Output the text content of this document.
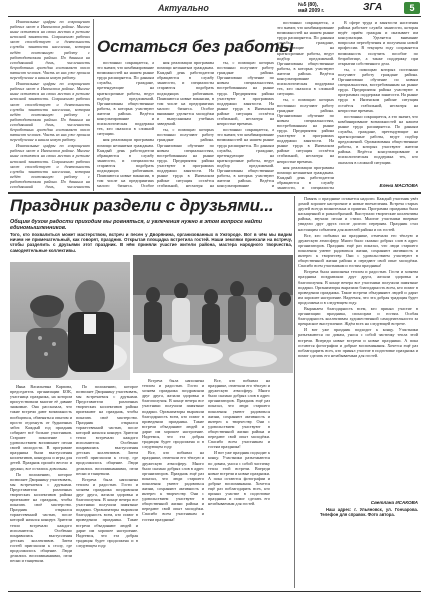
Актуально	№5 (80),
май 2009 г.	ЗГА	5

Изначальные цифры по сокращению рабочих мест в Инзенском районе. Многие ныне остаются на своих местах в режиме неполной занятости. Сохранению рабочих мест способствует и деятельность службы занятости населения, которая ведёт постоянную работу с работодателями района. По данным на сегодняшний день, численность безработных граждан составляет около пятисот человек. Часть из них уже прошла переобучение и нашла новую работу.

Изначальные цифры по сокращению рабочих мест в Инзенском районе. Многие ныне остаются на своих местах в режиме неполной занятости. Сохранению рабочих мест способствует и деятельность службы занятости населения, которая ведёт постоянную работу с работодателями района. По данным на сегодняшний день, численность безработных граждан составляет около пятисот человек. Часть из них уже прошла переобучение и нашла новую работу.

Изначальные цифры по сокращению рабочих мест в Инзенском районе. Многие ныне остаются на своих местах в режиме неполной занятости. Сохранению рабочих мест способствует и деятельность службы занятости населения, которая ведёт постоянную работу с работодателями района. По данным на сегодняшний день, численность

Остаться без работы

постоянно сокращается, а это значит, что комбинирование возможностей на нашем рынке труда расширяется. По данным службы, граждане, претендующие на краткосрочные работы, ведут подбор предложений. Организованы общественные работы, в которых участвуют жители района. Ведётся консультирование и психологическая поддержка тех, кто оказался в сложной ситуации.

ния реализации программы помощи незанятым гражданам. Каждый день работодатели обращаются в службу занятости, и специалисты стараются подобрать подходящих работников. Появляются новые вакансии, в том числе на предприятиях малого бизнеса. Особое

ния реализации программы помощи незанятым гражданам. Каждый день работодатели обращаются в службу занятости, и специалисты стараются подобрать подходящих работников. Появляются новые вакансии, в том числе на предприятиях малого бизнеса. Особое внимание уделяется молодёжи и выпускникам учебных заведений.

ты, с помощью которых постоянно получают работу граждане района. Организовано обучение по новым специальностям, востребованным на рынке труда. Предприятия района участвуют в программах поддержки занятости. На рынке труда в Инзенском районе ситуация остаётся стабильной, несмотря на

ты, с помощью которых постоянно получают работу граждане района. Организовано обучение по новым специальностям, востребованным на рынке труда. Предприятия района участвуют в программах поддержки занятости. На рынке труда в Инзенском районе ситуация остаётся стабильной, несмотря на непростые времена.

постоянно сокращается, а это значит, что комбинирование возможностей на нашем рынке труда расширяется. По данным службы, граждане, претендующие на краткосрочные работы, ведут подбор предложений. Организованы общественные работы, в которых участвуют жители района. Ведётся консультирование и

постоянно сокращается, а это значит, что комбинирование возможностей на нашем рынке труда расширяется. По данным службы, граждане, претендующие на краткосрочные работы, ведут подбор предложений. Организованы общественные работы, в которых участвуют жители района. Ведётся консультирование и психологическая поддержка тех, кто оказался в сложной ситуации.

ты, с помощью которых постоянно получают работу граждане района. Организовано обучение по новым специальностям, востребованным на рынке труда. Предприятия района участвуют в программах поддержки занятости. На рынке труда в Инзенском районе ситуация остаётся стабильной, несмотря на непростые времена.

ния реализации программы помощи незанятым гражданам. Каждый день работодатели обращаются в службу занятости, и специалисты

В сфере труда и занятости населения района работает служба занятости, которая ведёт приём граждан и оказывает им консультации. Уделяется внимание вопросам переобучения и получения новой профессии. В текущем году сохраняется возможность получить пособие по безработице, а также поддержку при открытии собственного дела.

ты, с помощью которых постоянно получают работу граждане района. Организовано обучение по новым специальностям, востребованным на рынке труда. Предприятия района участвуют в программах поддержки занятости. На рынке труда в Инзенском районе ситуация остаётся стабильной, несмотря на непростые времена.

постоянно сокращается, а это значит, что комбинирование возможностей на нашем рынке труда расширяется. По данным службы, граждане, претендующие на краткосрочные работы, ведут подбор предложений. Организованы общественные работы, в которых участвуют жители района. Ведётся консультирование и психологическая поддержка тех, кто оказался в сложной ситуации.

Елена МАСЛОВА
Праздник раздели с друзьями...
Общим духом радости приходим мы ровняться, и увлечения нужно в этом вопросе найти единомышленников.
Того, кто похвалиться может мастерством, встреч и песен у Дворянина, организованных в Ужгороде. Вот в чём мы видим ничем не примечательный, как говорят, праздник. Открытая площадка встретила гостей. Наши земляки приехали на встречу, чтобы разделить с друзьями этот праздник. В нём приняли участие жители района, мастера народного творчества, самодеятельные коллективы.

Память о празднике останется надолго. Каждый участник увёз домой хорошее настроение и новые впечатления. Встреча старых друзей всегда волнительна и приятна. Программа праздника была насыщенной и разнообразной. Выступали творческие коллективы района, звучали песни и стихи. Многие участники впервые увидели друг друга после долгого перерыва. Праздник стал настоящим событием для жителей района и их гостей.

Все, кто побывал на празднике, отмечали его тёплую и дружескую атмосферу. Много было сказано добрых слов в адрес организаторов. Праздник ещё раз показал, что люди старшего поколения умеют радоваться жизни, сохраняют активность и интерес к творчеству. Они с удовольствием участвуют в общественной жизни района и передают свой опыт молодёжи. Спасибо всем участникам и гостям праздника!

Встреча была наполнена теплом и радостью. Гости и хозяева праздника поздравляли друг друга, желали здоровья и благополучия. В конце вечера все участники получили памятные подарки. Организаторы выразили благодарность всем, кто помог в проведении праздника. Такие встречи объединяют людей и дарят им хорошее настроение. Надеемся, что эта добрая традиция будет продолжена и в следующем году.

Выражаем благодарность всем, кто принял участие в организации праздника, спонсорам и гостям. Особая благодарность коллективам художественной самодеятельности за прекрасное выступление. Ждём всех на следующей встрече.

И вот уже праздник подходит к концу. Участники разъезжаются по домам, унося с собой частичку тепла этой встречи. Впереди новые встречи и новые праздники. А пока остаются фотографии и добрые воспоминания. Хочется ещё раз поблагодарить всех, кто принял участие в подготовке праздника и помог сделать его незабываемым для гостей.

Светлана ИСАКОВА

Наш адрес: г. Ульяновск, ул. Гончарова. Телефон для справок. Фото автора.

Инна Васильевна Карпова, председатель организации БОК, участница праздника, на котором присутствовали многие её давние знакомые. Она рассказала, что такие встречи дают возможность пообщаться, обменяться опытом и просто отдохнуть от будничных забот. Каждый год праздник собирает всё больше участников. Старшее поколение с удовольствием вспоминает песни своей молодости. В программе праздника были выступления коллективов, конкурсы и игры для детей. Праздник прошёл весело и дружно, все остались довольны.

По положению, которое позволяет Дворянину участвовать, мы встречаемся с друзьями. Представители различных творческих коллективов района приезжают на праздник, чтобы показать своё мастерство. Праздник открылся торжественной частью, после которой начался концерт. Зрители тепло встречали каждого исполнителя. Особенно понравились выступления детских коллективов. Затем гостей пригласили к столу, где продолжилось общение. Люди делились воспоминаниями, пели песни и танцевали.

По положению, которое позволяет Дворянину участвовать, мы встречаемся с друзьями. Представители различных творческих коллективов района приезжают на праздник, чтобы показать своё мастерство. Праздник открылся торжественной частью, после которой начался концерт. Зрители тепло встречали каждого исполнителя. Особенно понравились выступления детских коллективов. Затем гостей пригласили к столу, где продолжилось общение. Люди делились воспоминаниями, пели песни и танцевали.

Встреча была наполнена теплом и радостью. Гости и хозяева праздника поздравляли друг друга, желали здоровья и благополучия. В конце вечера все участники получили памятные подарки. Организаторы выразили благодарность всем, кто помог в проведении праздника. Такие встречи объединяют людей и дарят им хорошее настроение. Надеемся, что эта добрая традиция будет продолжена и в следующем году.

Встреча была наполнена теплом и радостью. Гости и хозяева праздника поздравляли друг друга, желали здоровья и благополучия. В конце вечера все участники получили памятные подарки. Организаторы выразили благодарность всем, кто помог в проведении праздника. Такие встречи объединяют людей и дарят им хорошее настроение. Надеемся, что эта добрая традиция будет продолжена и в следующем году.

Все, кто побывал на празднике, отмечали его тёплую и дружескую атмосферу. Много было сказано добрых слов в адрес организаторов. Праздник ещё раз показал, что люди старшего поколения умеют радоваться жизни, сохраняют активность и интерес к творчеству. Они с удовольствием участвуют в общественной жизни района и передают свой опыт молодёжи. Спасибо всем участникам и гостям праздника!

Все, кто побывал на празднике, отмечали его тёплую и дружескую атмосферу. Много было сказано добрых слов в адрес организаторов. Праздник ещё раз показал, что люди старшего поколения умеют радоваться жизни, сохраняют активность и интерес к творчеству. Они с удовольствием участвуют в общественной жизни района и передают свой опыт молодёжи. Спасибо всем участникам и гостям праздника!

И вот уже праздник подходит к концу. Участники разъезжаются по домам, унося с собой частичку тепла этой встречи. Впереди новые встречи и новые праздники. А пока остаются фотографии и добрые воспоминания. Хочется ещё раз поблагодарить всех, кто принял участие в подготовке праздника и помог сделать его незабываемым для гостей.
